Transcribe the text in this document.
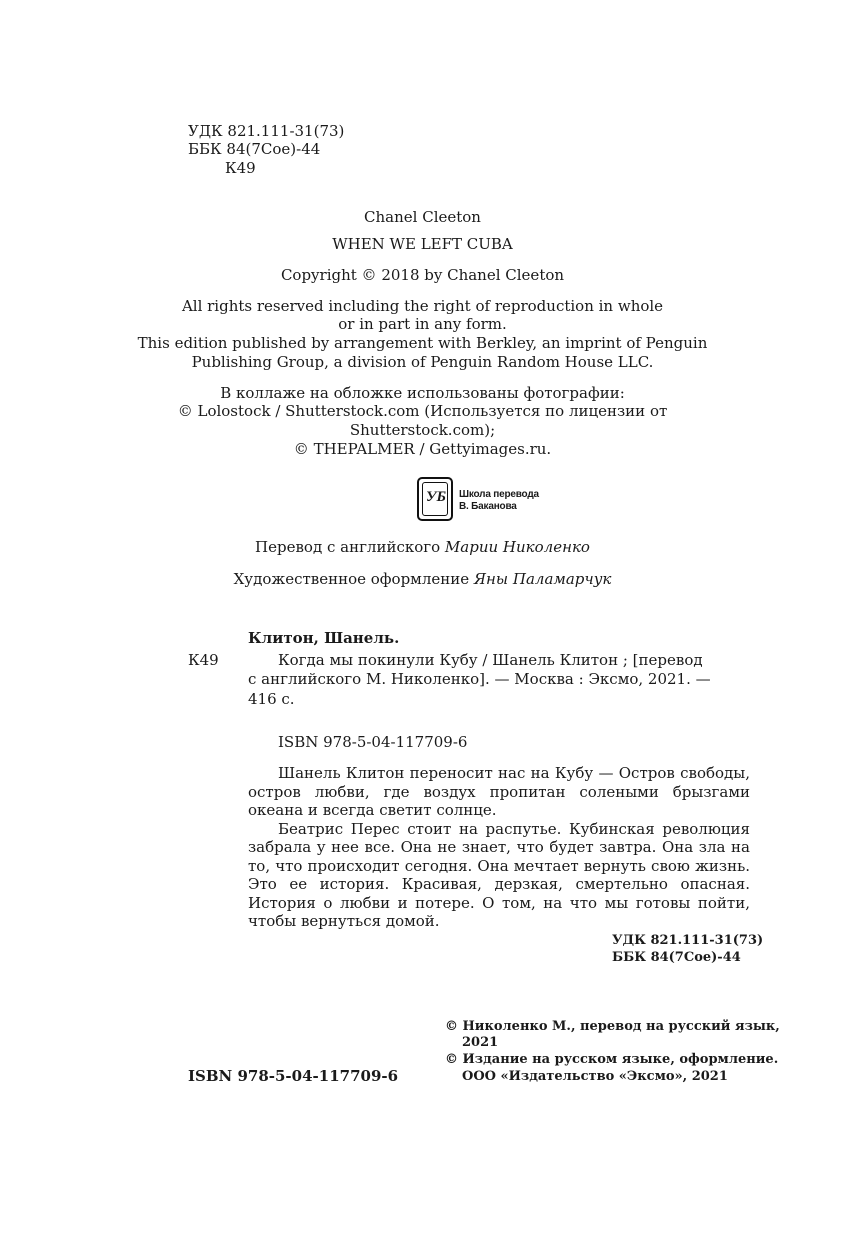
УДК 821.111-31(73)
ББК 84(7Сое)-44
К49
Chanel Cleeton
WHEN WE LEFT CUBA
Copyright © 2018 by Chanel Cleeton
All rights reserved including the right of reproduction in whole
or in part in any form.
This edition published by arrangement with Berkley, an imprint of Penguin
Publishing Group, a division of Penguin Random House LLC.
В коллаже на обложке использованы фотографии:
© Lolostock / Shutterstock.com (Используется по лицензии от
Shutterstock.com);
© THEPALMER / Gettyimages.ru.
УБ	Школа перевода
В. Баканова
Перевод с английского Марии Николенко
Художественное оформление Яны Паламарчук
Клитон, Шанель.
К49	Когда мы покинули Кубу / Шанель Клитон ; [перевод
с английского М. Николенко]. — Москва : Эксмо, 2021. —
416 с.
ISBN 978-5-04-117709-6

Шанель Клитон переносит нас на Кубу — Остров свободы, остров любви, где воздух пропитан солеными брызгами океана и всегда светит солнце.

Беатрис Перес стоит на распутье. Кубинская революция забрала у нее все. Она не знает, что будет завтра. Она зла на то, что происходит сегодня. Она мечтает вернуть свою жизнь. Это ее история. Красивая, дерзкая, смертельно опасная. История о любви и потере. О том, на что мы готовы пойти, чтобы вернуться домой.

УДК 821.111-31(73)
ББК 84(7Сое)-44
ISBN 978-5-04-117709-6
© Николенко М., перевод на русский язык,
2021
© Издание на русском языке, оформление.
ООО «Издательство «Эксмо», 2021
